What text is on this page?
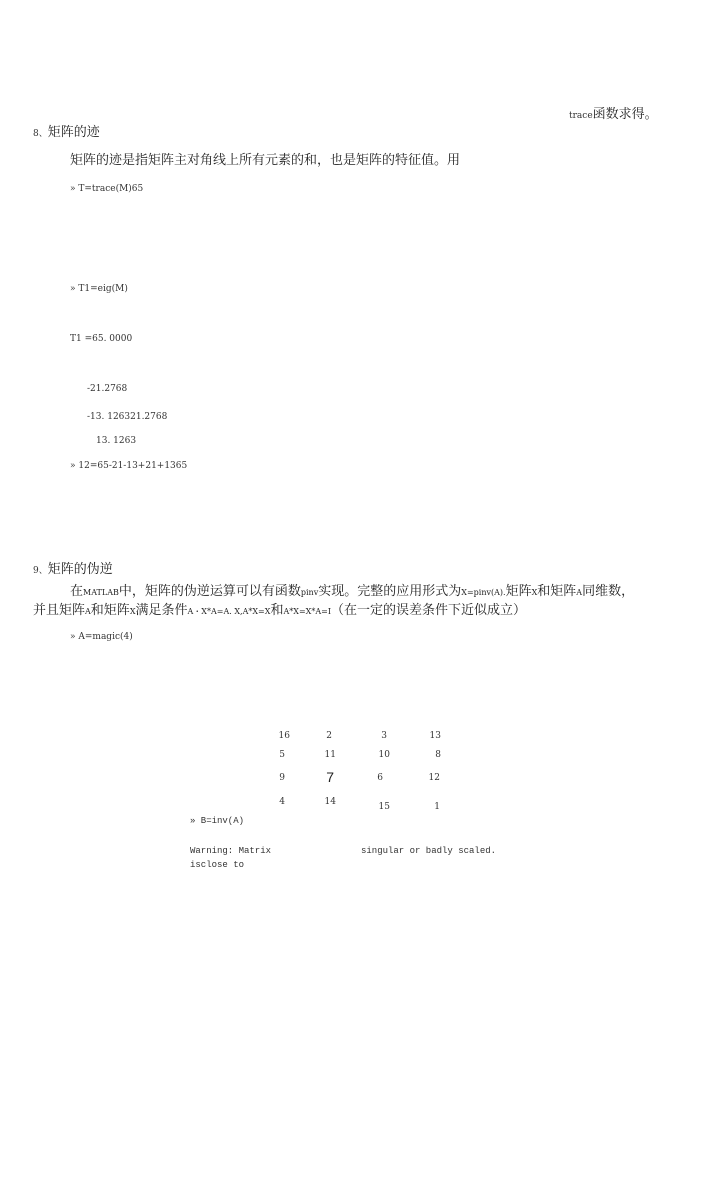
trace函数求得。
8、矩阵的迹
矩阵的迹是指矩阵主对角线上所有元素的和，也是矩阵的特征值。用
» T=trace(M)65
» T1=eig(M)
T1 =65. 0000
-21.2768
-13. 126321.2768
13. 1263
» 12=65-21-13+21+1365
9、矩阵的伪逆
在MATLAB中，矩阵的伪逆运算可以有函数pinv实现。完整的应用形式为X=pinv(A).矩阵X和矩阵A同维数，
并且矩阵A和矩阵X满足条件A・X*A=A. X,A*X=X和A*X=X*A=I（在一定的误差条件下近似成立）
» A=magic(4)
16	2	3	13
5	11	10	8
9	7	6	12
4	14	15	1
» B=inv(A)
Warning: Matrix
isclose to
singular or badly scaled.
